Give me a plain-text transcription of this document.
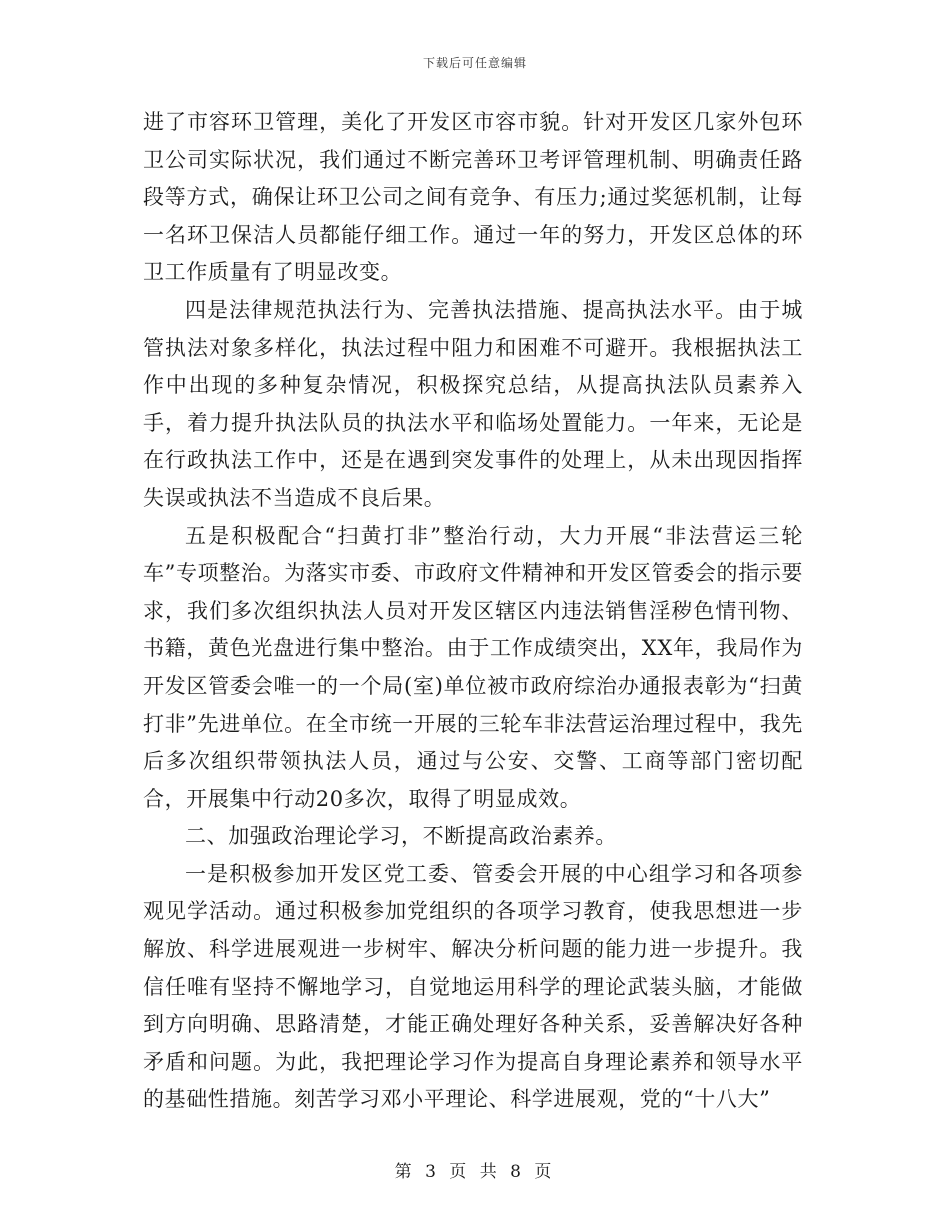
下载后可任意编辑

进了市容环卫管理，美化了开发区市容市貌。针对开发区几家外包环卫公司实际状况，我们通过不断完善环卫考评管理机制、明确责任路段等方式，确保让环卫公司之间有竞争、有压力;通过奖惩机制，让每一名环卫保洁人员都能仔细工作。通过一年的努力，开发区总体的环卫工作质量有了明显改变。

四是法律规范执法行为、完善执法措施、提高执法水平。由于城管执法对象多样化，执法过程中阻力和困难不可避开。我根据执法工作中出现的多种复杂情况，积极探究总结，从提高执法队员素养入手，着力提升执法队员的执法水平和临场处置能力。一年来，无论是在行政执法工作中，还是在遇到突发事件的处理上，从未出现因指挥失误或执法不当造成不良后果。

五是积极配合“扫黄打非”整治行动，大力开展“非法营运三轮车”专项整治。为落实市委、市政府文件精神和开发区管委会的指示要求，我们多次组织执法人员对开发区辖区内违法销售淫秽色情刊物、书籍，黄色光盘进行集中整治。由于工作成绩突出，XX年，我局作为开发区管委会唯一的一个局(室)单位被市政府综治办通报表彰为“扫黄打非”先进单位。在全市统一开展的三轮车非法营运治理过程中，我先后多次组织带领执法人员，通过与公安、交警、工商等部门密切配合，开展集中行动20多次，取得了明显成效。

二、加强政治理论学习，不断提高政治素养。

一是积极参加开发区党工委、管委会开展的中心组学习和各项参观见学活动。通过积极参加党组织的各项学习教育，使我思想进一步解放、科学进展观进一步树牢、解决分析问题的能力进一步提升。我信任唯有坚持不懈地学习，自觉地运用科学的理论武装头脑，才能做到方向明确、思路清楚，才能正确处理好各种关系，妥善解决好各种矛盾和问题。为此，我把理论学习作为提高自身理论素养和领导水平的基础性措施。刻苦学习邓小平理论、科学进展观，党的“十八大”

第 3 页 共 8 页
